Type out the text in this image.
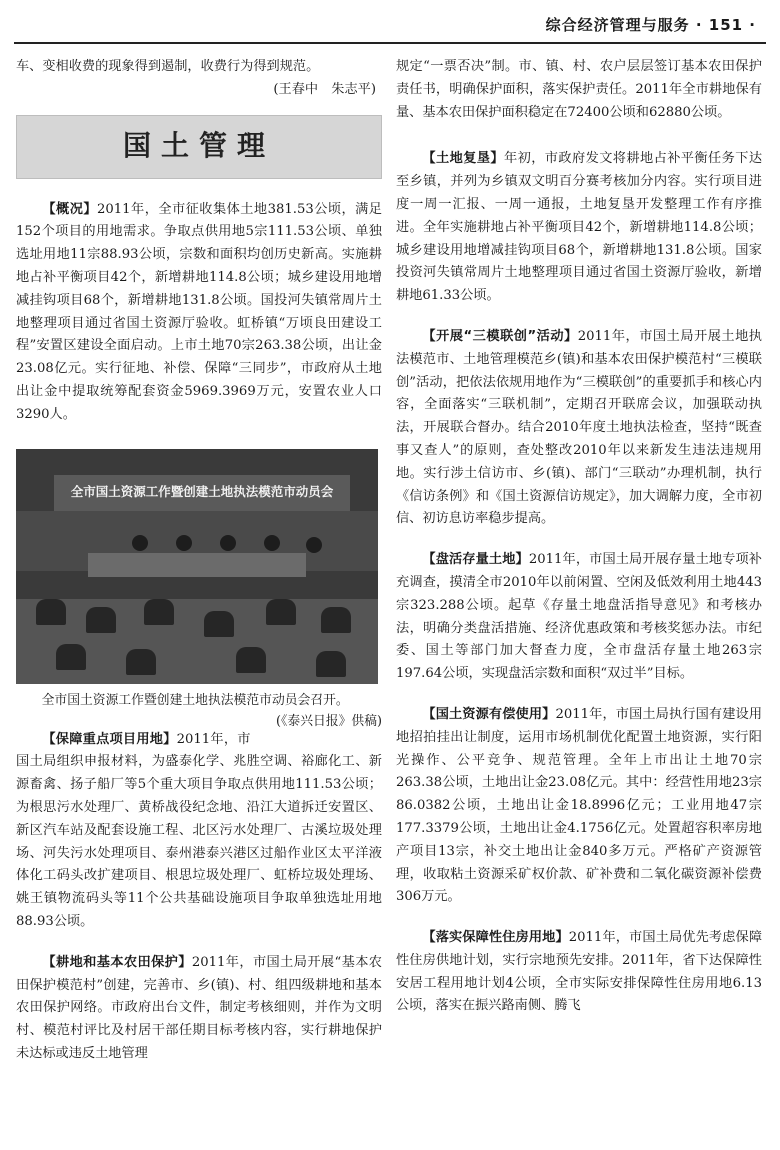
综合经济管理与服务 · 151 ·

车、变相收费的现象得到遏制，收费行为得到规范。

(王春中　朱志平)

国土管理

【概况】2011年，全市征收集体土地381.53公顷，满足152个项目的用地需求。争取点供用地5宗111.53公顷、单独选址用地11宗88.93公顷，宗数和面积均创历史新高。实施耕地占补平衡项目42个，新增耕地114.8公顷；城乡建设用地增减挂钩项目68个，新增耕地131.8公顷。国投河失镇常周片土地整理项目通过省国土资源厅验收。虹桥镇“万顷良田建设工程”安置区建设全面启动。上市土地70宗263.38公顷，出让金23.08亿元。实行征地、补偿、保障“三同步”，市政府从土地出让金中提取统筹配套资金5969.3969万元，安置农业人口3290人。

全市国土资源工作暨创建土地执法模范市动员会

全市国土资源工作暨创建土地执法模范市动员会召开。
(《泰兴日报》供稿)

【保障重点项目用地】2011年，市国土局组织申报材料，为盛泰化学、兆胜空调、裕廊化工、新源畜禽、扬子船厂等5个重大项目争取点供用地111.53公顷；为根思污水处理厂、黄桥战役纪念地、沿江大道拆迁安置区、新区汽车站及配套设施工程、北区污水处理厂、古溪垃圾处理场、河失污水处理项目、泰州港泰兴港区过船作业区太平洋液体化工码头改扩建项目、根思垃圾处理厂、虹桥垃圾处理场、姚王镇物流码头等11个公共基础设施项目争取单独选址用地88.93公顷。

【耕地和基本农田保护】2011年，市国土局开展“基本农田保护模范村”创建，完善市、乡(镇)、村、组四级耕地和基本农田保护网络。市政府出台文件，制定考核细则，并作为文明村、模范村评比及村居干部任期目标考核内容，实行耕地保护未达标或违反土地管理

规定“一票否决”制。市、镇、村、农户层层签订基本农田保护责任书，明确保护面积，落实保护责任。2011年全市耕地保有量、基本农田保护面积稳定在72400公顷和62880公顷。

【土地复垦】年初，市政府发文将耕地占补平衡任务下达至乡镇，并列为乡镇双文明百分赛考核加分内容。实行项目进度一周一汇报、一周一通报，土地复垦开发整理工作有序推进。全年实施耕地占补平衡项目42个，新增耕地114.8公顷；城乡建设用地增减挂钩项目68个，新增耕地131.8公顷。国家投资河失镇常周片土地整理项目通过省国土资源厅验收，新增耕地61.33公顷。

【开展“三模联创”活动】2011年，市国土局开展土地执法模范市、土地管理模范乡(镇)和基本农田保护模范村“三模联创”活动，把依法依规用地作为“三模联创”的重要抓手和核心内容，全面落实“三联机制”，定期召开联席会议，加强联动执法，开展联合督办。结合2010年度土地执法检查，坚持“既查事又查人”的原则，查处整改2010年以来新发生违法违规用地。实行涉土信访市、乡(镇)、部门“三联动”办理机制，执行《信访条例》和《国土资源信访规定》，加大调解力度，全市初信、初访息访率稳步提高。

【盘活存量土地】2011年，市国土局开展存量土地专项补充调查，摸清全市2010年以前闲置、空闲及低效利用土地443宗323.288公顷。起草《存量土地盘活指导意见》和考核办法，明确分类盘活措施、经济优惠政策和考核奖惩办法。市纪委、国土等部门加大督查力度，全市盘活存量土地263宗197.64公顷，实现盘活宗数和面积“双过半”目标。

【国土资源有偿使用】2011年，市国土局执行国有建设用地招拍挂出让制度，运用市场机制优化配置土地资源，实行阳光操作、公平竞争、规范管理。全年上市出让土地70宗263.38公顷，土地出让金23.08亿元。其中：经营性用地23宗86.0382公顷，土地出让金18.8996亿元；工业用地47宗177.3379公顷，土地出让金4.1756亿元。处置超容积率房地产项目13宗，补交土地出让金840多万元。严格矿产资源管理，收取粘土资源采矿权价款、矿补费和二氧化碳资源补偿费306万元。

【落实保障性住房用地】2011年，市国土局优先考虑保障性住房供地计划，实行宗地预先安排。2011年，省下达保障性安居工程用地计划4公顷，全市实际安排保障性住房用地6.13公顷，落实在振兴路南侧、腾飞
